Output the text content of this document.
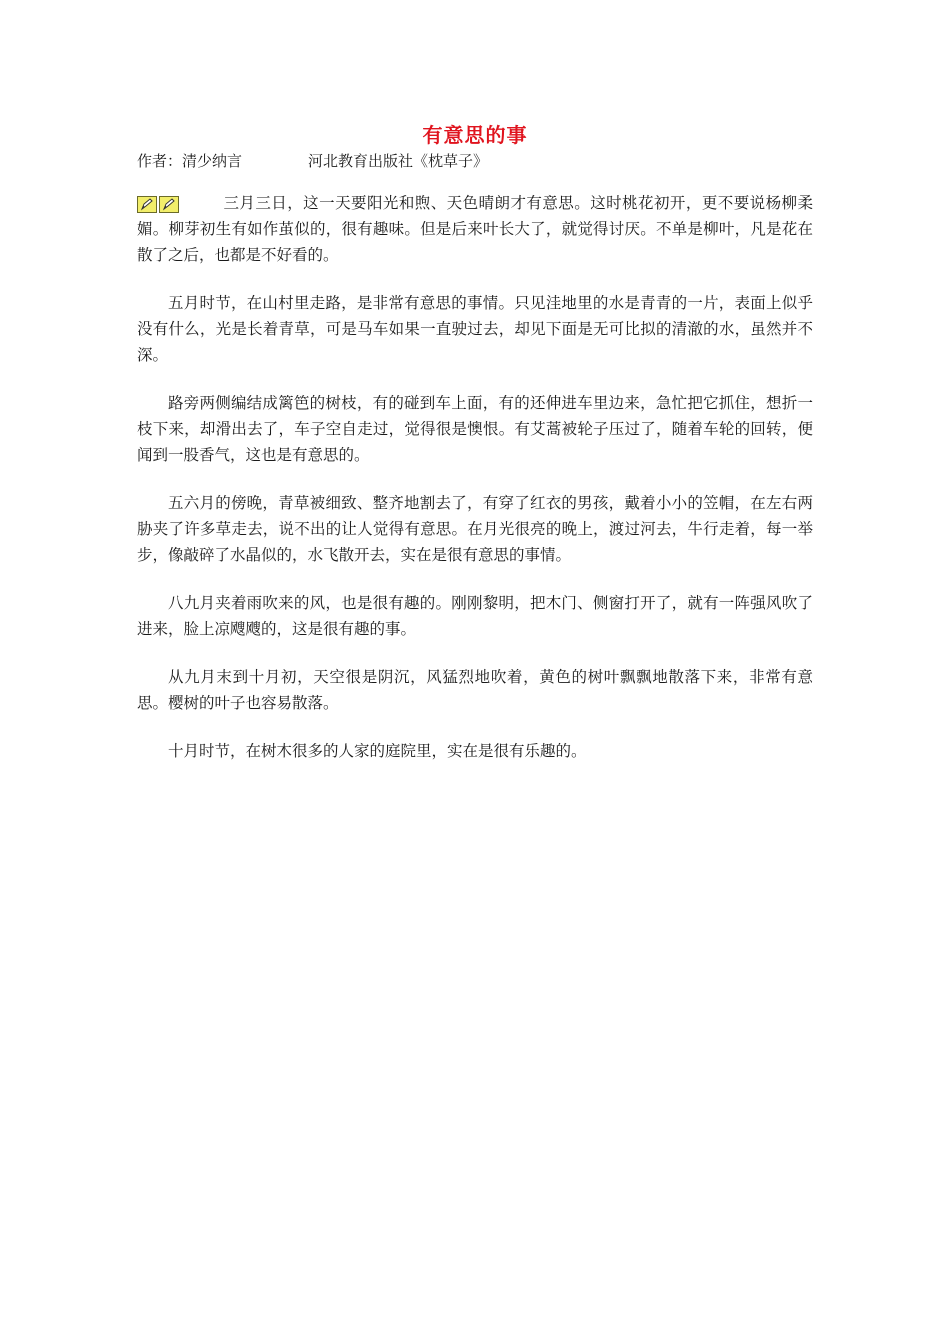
有意思的事
作者：清少纳言	河北教育出版社《枕草子》

三月三日，这一天要阳光和煦、天色晴朗才有意思。这时桃花初开，更不要说杨柳柔媚。柳芽初生有如作茧似的，很有趣味。但是后来叶长大了，就觉得讨厌。不单是柳叶，凡是花在散了之后，也都是不好看的。

五月时节，在山村里走路，是非常有意思的事情。只见洼地里的水是青青的一片，表面上似乎没有什么，光是长着青草，可是马车如果一直驶过去，却见下面是无可比拟的清澈的水，虽然并不深。

路旁两侧编结成篱笆的树枝，有的碰到车上面，有的还伸进车里边来，急忙把它抓住，想折一枝下来，却滑出去了，车子空自走过，觉得很是懊恨。有艾蒿被轮子压过了，随着车轮的回转，便闻到一股香气，这也是有意思的。

五六月的傍晚，青草被细致、整齐地割去了，有穿了红衣的男孩，戴着小小的笠帽，在左右两胁夹了许多草走去，说不出的让人觉得有意思。在月光很亮的晚上，渡过河去，牛行走着，每一举步，像敲碎了水晶似的，水飞散开去，实在是很有意思的事情。

八九月夹着雨吹来的风，也是很有趣的。刚刚黎明，把木门、侧窗打开了，就有一阵强风吹了进来，脸上凉飕飕的，这是很有趣的事。

从九月末到十月初，天空很是阴沉，风猛烈地吹着，黄色的树叶飘飘地散落下来，非常有意思。樱树的叶子也容易散落。

十月时节，在树木很多的人家的庭院里，实在是很有乐趣的。
